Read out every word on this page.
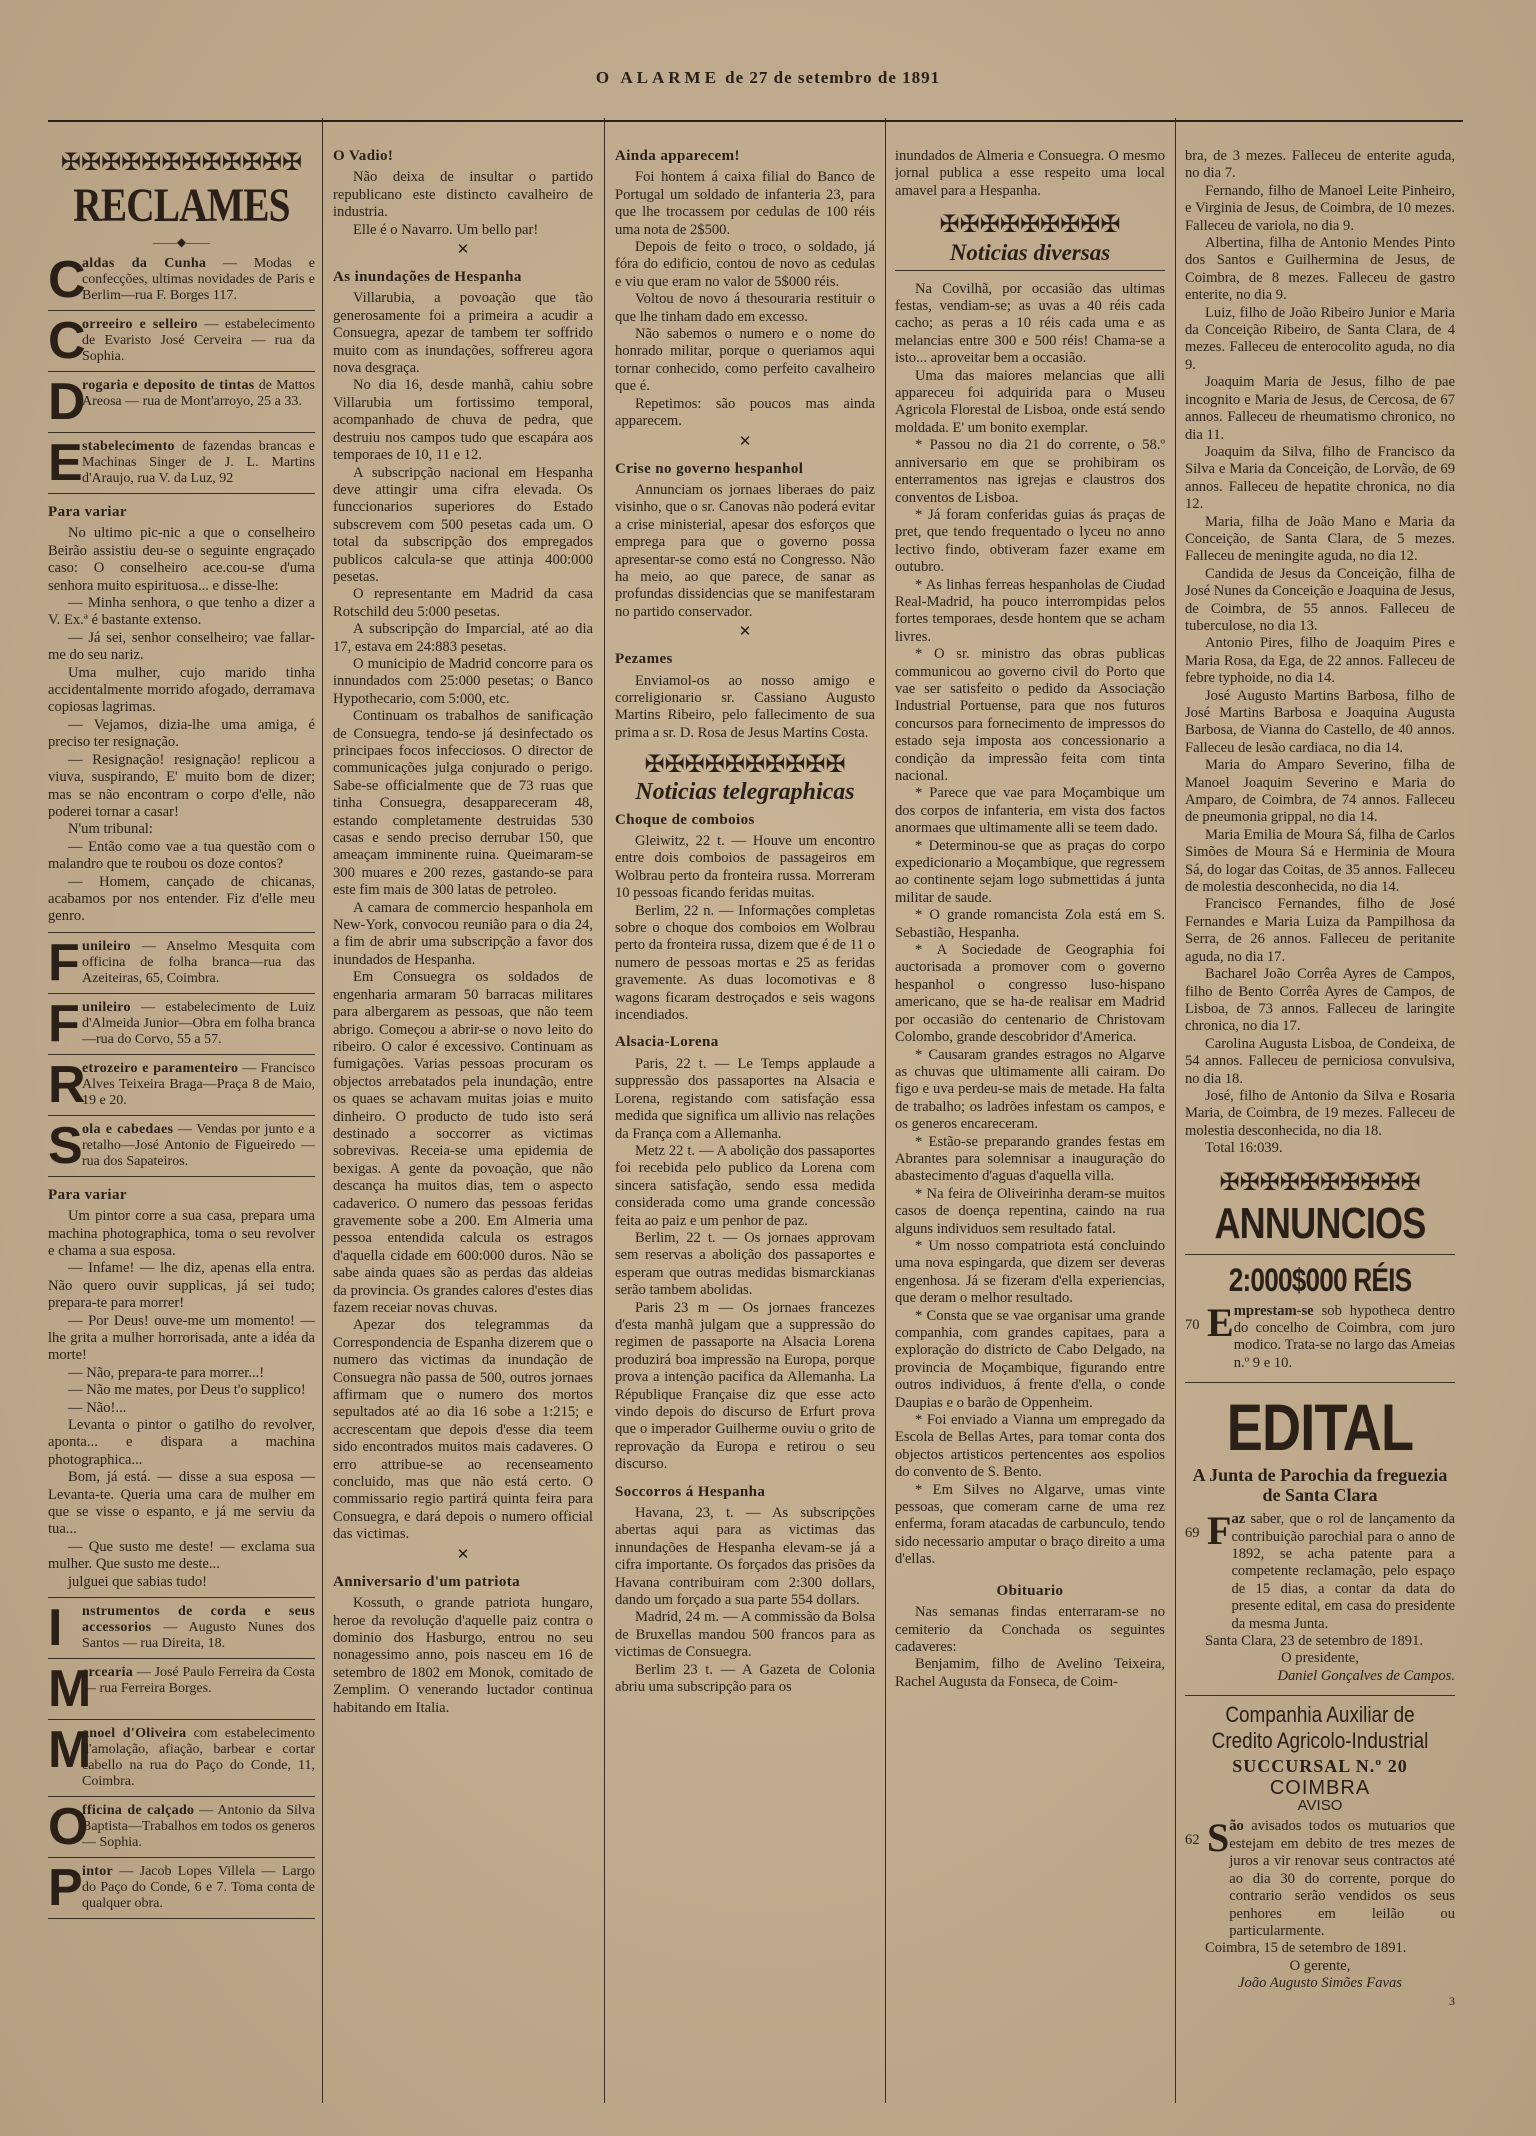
O ALARME de 27 de setembro de 1891
✠✠✠✠✠✠✠✠✠✠✠✠
RECLAMES
——◆——
C
aldas da Cunha — Modas e confecções, ultimas novidades de Paris e Berlim—rua F. Borges 117.
C
orreeiro e selleiro — estabelecimento de Evaristo José Cerveira — rua da Sophia.
D
rogaria e deposito de tintas de Mattos Areosa — rua de Mont'arroyo, 25 a 33.
E stabelecimento de fazendas brancas e Machinas Singer de J. L. Martins d'Araujo, rua V. da Luz, 92
Para variar

No ultimo pic-nic a que o conselheiro Beirão assistiu deu-se o seguinte engraçado caso: O conselheiro ace.cou-se d'uma senhora muito espirituosa... e disse-lhe:

— Minha senhora, o que tenho a dizer a V. Ex.ª é bastante extenso.

— Já sei, senhor conselheiro; vae fallar-me do seu nariz.

Uma mulher, cujo marido tinha accidentalmente morrido afogado, derramava copiosas lagrimas.

— Vejamos, dizia-lhe uma amiga, é preciso ter resignação.

— Resignação! resignação! replicou a viuva, suspirando, E' muito bom de dizer; mas se não encontram o corpo d'elle, não poderei tornar a casar!

N'um tribunal:

— Então como vae a tua questão com o malandro que te roubou os doze contos?

— Homem, cançado de chicanas, acabamos por nos entender. Fiz d'elle meu genro.

F unileiro — Anselmo Mesquita com officina de folha branca—rua das Azeiteiras, 65, Coimbra.
F unileiro — estabelecimento de Luiz d'Almeida Junior—Obra em folha branca—rua do Corvo, 55 a 57.
R
etrozeiro e paramenteiro — Francisco Alves Teixeira Braga—Praça 8 de Maio, 19 e 20.
S ola e cabedaes — Vendas por junto e a retalho—José Antonio de Figueiredo — rua dos Sapateiros.
Para variar

Um pintor corre a sua casa, prepara uma machina photographica, toma o seu revolver e chama a sua esposa.

— Infame! — lhe diz, apenas ella entra. Não quero ouvir supplicas, já sei tudo; prepara-te para morrer!

— Por Deus! ouve-me um momento! — lhe grita a mulher horrorisada, ante a idéa da morte!

— Não, prepara-te para morrer...!

— Não me mates, por Deus t'o supplico!

— Não!...

Levanta o pintor o gatilho do revolver, aponta... e dispara a machina photographica...

Bom, já está. — disse a sua esposa — Levanta-te. Queria uma cara de mulher em que se visse o espanto, e já me serviu da tua...

— Que susto me deste! — exclama sua mulher. Que susto me deste...

julguei que sabias tudo!

I	nstrumentos de corda e seus accessorios — Augusto Nunes dos Santos — rua Direita, 18.
M
ercearia — José Paulo Ferreira da Costa — rua Ferreira Borges.
M
anoel d'Oliveira com estabelecimento d'amolação, afiação, barbear e cortar cabello na rua do Paço do Conde, 11, Coimbra.
O
fficina de calçado — Antonio da Silva Baptista—Trabalhos em todos os generos — Sophia.
P intor — Jacob Lopes Villela — Largo do Paço do Conde, 6 e 7. Toma conta de qualquer obra.
O Vadio!

Não deixa de insultar o partido republicano este distincto cavalheiro de industria.

Elle é o Navarro. Um bello par!

✕
As inundações de Hespanha

Villarubia, a povoação que tão generosamente foi a primeira a acudir a Consuegra, apezar de tambem ter soffrido muito com as inundações, soffrereu agora nova desgraça.

No dia 16, desde manhã, cahiu sobre Villarubia um fortissimo temporal, acompanhado de chuva de pedra, que destruiu nos campos tudo que escapára aos temporaes de 10, 11 e 12.

A subscripção nacional em Hespanha deve attingir uma cifra elevada. Os funccionarios superiores do Estado subscrevem com 500 pesetas cada um. O total da subscripção dos empregados publicos calcula-se que attinja 400:000 pesetas.

O representante em Madrid da casa Rotschild deu 5:000 pesetas.

A subscripção do Imparcial, até ao dia 17, estava em 24:883 pesetas.

O municipio de Madrid concorre para os innundados com 25:000 pesetas; o Banco Hypothecario, com 5:000, etc.

Continuam os trabalhos de sanificação de Consuegra, tendo-se já desinfectado os principaes focos infecciosos. O director de communicações julga conjurado o perigo. Sabe-se officialmente que de 73 ruas que tinha Consuegra, desappareceram 48, estando completamente destruidas 530 casas e sendo preciso derrubar 150, que ameaçam imminente ruina. Queimaram-se 300 muares e 200 rezes, gastando-se para este fim mais de 300 latas de petroleo.

A camara de commercio hespanhola em New-York, convocou reunião para o dia 24, a fim de abrir uma subscripção a favor dos inundados de Hespanha.

Em Consuegra os soldados de engenharia armaram 50 barracas militares para albergarem as pessoas, que não teem abrigo. Começou a abrir-se o novo leito do ribeiro. O calor é excessivo. Continuam as fumigações. Varias pessoas procuram os objectos arrebatados pela inundação, entre os quaes se achavam muitas joias e muito dinheiro. O producto de tudo isto será destinado a soccorrer as victimas sobrevivas. Receia-se uma epidemia de bexigas. A gente da povoação, que não descança ha muitos dias, tem o aspecto cadaverico. O numero das pessoas feridas gravemente sobe a 200. Em Almeria uma pessoa entendida calcula os estragos d'aquella cidade em 600:000 duros. Não se sabe ainda quaes são as perdas das aldeias da provincia. Os grandes calores d'estes dias fazem receiar novas chuvas.

Apezar dos telegrammas da Correspondencia de Espanha dizerem que o numero das victimas da inundação de Consuegra não passa de 500, outros jornaes affirmam que o numero dos mortos sepultados até ao dia 16 sobe a 1:215; e accrescentam que depois d'esse dia teem sido encontrados muitos mais cadaveres. O erro attribue-se ao recenseamento concluido, mas que não está certo. O commissario regio partirá quinta feira para Consuegra, e dará depois o numero official das victimas.

✕
Anniversario d'um patriota

Kossuth, o grande patriota hungaro, heroe da revolução d'aquelle paiz contra o dominio dos Hasburgo, entrou no seu nonagessimo anno, pois nasceu em 16 de setembro de 1802 em Monok, comitado de Zemplim. O venerando luctador continua habitando em Italia.

Ainda apparecem!

Foi hontem á caixa filial do Banco de Portugal um soldado de infanteria 23, para que lhe trocassem por cedulas de 100 réis uma nota de 2$500.

Depois de feito o troco, o soldado, já fóra do edificio, contou de novo as cedulas e viu que eram no valor de 5$000 réis.

Voltou de novo á thesouraria restituir o que lhe tinham dado em excesso.

Não sabemos o numero e o nome do honrado militar, porque o queriamos aqui tornar conhecido, como perfeito cavalheiro que é.

Repetimos: são poucos mas ainda apparecem.

✕
Crise no governo hespanhol

Annunciam os jornaes liberaes do paiz visinho, que o sr. Canovas não poderá evitar a crise ministerial, apesar dos esforços que emprega para que o governo possa apresentar-se como está no Congresso. Não ha meio, ao que parece, de sanar as profundas dissidencias que se manifestaram no partido conservador.

✕
Pezames

Enviamol-os ao nosso amigo e correligionario sr. Cassiano Augusto Martins Ribeiro, pelo fallecimento de sua prima a sr. D. Rosa de Jesus Martins Costa.

✠✠✠✠✠✠✠✠✠✠
Noticias telegraphicas
Choque de comboios

Gleiwitz, 22 t. — Houve um encontro entre dois comboios de passageiros em Wolbrau perto da fronteira russa. Morreram 10 pessoas ficando feridas muitas.

Berlim, 22 n. — Informações completas sobre o choque dos comboios em Wolbrau perto da fronteira russa, dizem que é de 11 o numero de pessoas mortas e 25 as feridas gravemente. As duas locomotivas e 8 wagons ficaram destroçados e seis wagons incendiados.

Alsacia-Lorena

Paris, 22 t. — Le Temps applaude a suppressão dos passaportes na Alsacia e Lorena, registando com satisfação essa medida que significa um allivio nas relações da França com a Allemanha.

Metz 22 t. — A abolição dos passaportes foi recebida pelo publico da Lorena com sincera satisfação, sendo essa medida considerada como uma grande concessão feita ao paiz e um penhor de paz.

Berlim, 22 t. — Os jornaes approvam sem reservas a abolição dos passaportes e esperam que outras medidas bismarckianas serão tambem abolidas.

Paris 23 m — Os jornaes francezes d'esta manhã julgam que a suppressão do regimen de passaporte na Alsacia Lorena produzirá boa impressão na Europa, porque prova a intenção pacifica da Allemanha. La République Française diz que esse acto vindo depois do discurso de Erfurt prova que o imperador Guilherme ouviu o grito de reprovação da Europa e retirou o seu discurso.

Soccorros á Hespanha

Havana, 23, t. — As subscripções abertas aqui para as victimas das innundações de Hespanha elevam-se já a cifra importante. Os forçados das prisões da Havana contribuiram com 2:300 dollars, dando um forçado a sua parte 554 dollars.

Madrid, 24 m. — A commissão da Bolsa de Bruxellas mandou 500 francos para as victimas de Consuegra.

Berlim 23 t. — A Gazeta de Colonia abriu uma subscripção para os

inundados de Almeria e Consuegra. O mesmo jornal publica a esse respeito uma local amavel para a Hespanha.

✠✠✠✠✠✠✠✠✠
Noticias diversas

Na Covilhã, por occasião das ultimas festas, vendiam-se; as uvas a 40 réis cada cacho; as peras a 10 réis cada uma e as melancias entre 300 e 500 réis! Chama-se a isto... aproveitar bem a occasião.

Uma das maiores melancias que alli appareceu foi adquirida para o Museu Agricola Florestal de Lisboa, onde está sendo moldada. E' um bonito exemplar.

* Passou no dia 21 do corrente, o 58.º anniversario em que se prohibiram os enterramentos nas igrejas e claustros dos conventos de Lisboa.

* Já foram conferidas guias ás praças de pret, que tendo frequentado o lyceu no anno lectivo findo, obtiveram fazer exame em outubro.

* As linhas ferreas hespanholas de Ciudad Real-Madrid, ha pouco interrompidas pelos fortes temporaes, desde hontem que se acham livres.

* O sr. ministro das obras publicas communicou ao governo civil do Porto que vae ser satisfeito o pedido da Associação Industrial Portuense, para que nos futuros concursos para fornecimento de impressos do estado seja imposta aos concessionario a condição da impressão feita com tinta nacional.

* Parece que vae para Moçambique um dos corpos de infanteria, em vista dos factos anormaes que ultimamente alli se teem dado.

* Determinou-se que as praças do corpo expedicionario a Moçambique, que regressem ao continente sejam logo submettidas á junta militar de saude.

* O grande romancista Zola está em S. Sebastião, Hespanha.

* A Sociedade de Geographia foi auctorisada a promover com o governo hespanhol o congresso luso-hispano americano, que se ha-de realisar em Madrid por occasião do centenario de Christovam Colombo, grande descobridor d'America.

* Causaram grandes estragos no Algarve as chuvas que ultimamente alli cairam. Do figo e uva perdeu-se mais de metade. Ha falta de trabalho; os ladrões infestam os campos, e os generos encareceram.

* Estão-se preparando grandes festas em Abrantes para solemnisar a inauguração do abastecimento d'aguas d'aquella villa.

* Na feira de Oliveirinha deram-se muitos casos de doença repentina, caindo na rua alguns individuos sem resultado fatal.

* Um nosso compatriota está concluindo uma nova espingarda, que dizem ser deveras engenhosa. Já se fizeram d'ella experiencias, que deram o melhor resultado.

* Consta que se vae organisar uma grande companhia, com grandes capitaes, para a exploração do districto de Cabo Delgado, na provincia de Moçambique, figurando entre outros individuos, á frente d'ella, o conde Daupias e o barão de Oppenheim.

* Foi enviado a Vianna um empregado da Escola de Bellas Artes, para tomar conta dos objectos artisticos pertencentes aos espolios do convento de S. Bento.

* Em Silves no Algarve, umas vinte pessoas, que comeram carne de uma rez enferma, foram atacadas de carbunculo, tendo sido necessario amputar o braço direito a uma d'ellas.

Obituario

Nas semanas findas enterraram-se no cemiterio da Conchada os seguintes cadaveres:

Benjamim, filho de Avelino Teixeira, Rachel Augusta da Fonseca, de Coim-

bra, de 3 mezes. Falleceu de enterite aguda, no dia 7.

Fernando, filho de Manoel Leite Pinheiro, e Virginia de Jesus, de Coimbra, de 10 mezes. Falleceu de variola, no dia 9.

Albertina, filha de Antonio Mendes Pinto dos Santos e Guilhermina de Jesus, de Coimbra, de 8 mezes. Falleceu de gastro enterite, no dia 9.

Luiz, filho de João Ribeiro Junior e Maria da Conceição Ribeiro, de Santa Clara, de 4 mezes. Falleceu de enterocolito aguda, no dia 9.

Joaquim Maria de Jesus, filho de pae incognito e Maria de Jesus, de Cercosa, de 67 annos. Falleceu de rheumatismo chronico, no dia 11.

Joaquim da Silva, filho de Francisco da Silva e Maria da Conceição, de Lorvão, de 69 annos. Falleceu de hepatite chronica, no dia 12.

Maria, filha de João Mano e Maria da Conceição, de Santa Clara, de 5 mezes. Falleceu de meningite aguda, no dia 12.

Candida de Jesus da Conceição, filha de José Nunes da Conceição e Joaquina de Jesus, de Coimbra, de 55 annos. Falleceu de tuberculose, no dia 13.

Antonio Pires, filho de Joaquim Pires e Maria Rosa, da Ega, de 22 annos. Falleceu de febre typhoide, no dia 14.

José Augusto Martins Barbosa, filho de José Martins Barbosa e Joaquina Augusta Barbosa, de Vianna do Castello, de 40 annos. Falleceu de lesão cardiaca, no dia 14.

Maria do Amparo Severino, filha de Manoel Joaquim Severino e Maria do Amparo, de Coimbra, de 74 annos. Falleceu de pneumonia grippal, no dia 14.

Maria Emilia de Moura Sá, filha de Carlos Simões de Moura Sá e Herminia de Moura Sá, do logar das Coitas, de 35 annos. Falleceu de molestia desconhecida, no dia 14.

Francisco Fernandes, filho de José Fernandes e Maria Luiza da Pampilhosa da Serra, de 26 annos. Falleceu de peritanite aguda, no dia 17.

Bacharel João Corrêa Ayres de Campos, filho de Bento Corrêa Ayres de Campos, de Lisboa, de 73 annos. Falleceu de laringite chronica, no dia 17.

Carolina Augusta Lisboa, de Condeixa, de 54 annos. Falleceu de perniciosa convulsiva, no dia 18.

José, filho de Antonio da Silva e Rosaria Maria, de Coimbra, de 19 mezes. Falleceu de molestia desconhecida, no dia 18.

Total 16:039.

✠✠✠✠✠✠✠✠✠✠
ANNUNCIOS
2:000$000 RÉIS
70 E mprestam-se sob hypotheca dentro do concelho de Coimbra, com juro modico. Trata-se no largo das Ameias n.º 9 e 10.
EDITAL
A Junta de Parochia da freguezia de Santa Clara
69 F az saber, que o rol de lançamento da contribuição parochial para o anno de 1892, se acha patente para a competente reclamação, pelo espaço de 15 dias, a contar da data do presente edital, em casa do presidente da mesma Junta.

Santa Clara, 23 de setembro de 1891.

O presidente,
Daniel Gonçalves de Campos.
Companhia Auxiliar de Credito Agricolo-Industrial
SUCCURSAL N.º 20
COIMBRA
AVISO
62 S ão avisados todos os mutuarios que estejam em debito de tres mezes de juros a vir renovar seus contractos até ao dia 30 do corrente, porque do contrario serão vendidos os seus penhores em leilão ou particularmente.

Coimbra, 15 de setembro de 1891.

O gerente,
João Augusto Simões Favas
3
